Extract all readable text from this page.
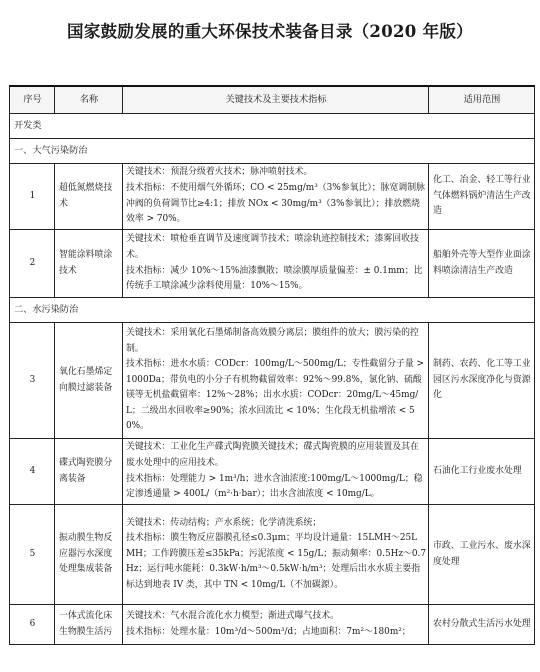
国家鼓励发展的重大环保技术装备目录（2020 年版）
序号	名称	关键技术及主要技术指标	适用范围
开发类			
一、大气污染防治			
1	超低氮燃烧技术	关键技术：预混分级着火技术；脉冲喷射技术。
技术指标：不使用烟气外循环；CO < 25mg/m³（3%参氧比）；脉宽调制脉冲阀的负荷调节比≥4:1；排放 NOx < 30mg/m³（3%参氧比）；排放燃烧效率 > 70%。	化工、冶金、轻工等行业气体燃料锅炉清洁生产改造
2	智能涂料喷涂技术	关键技术：喷枪垂直调节及速度调节技术；喷涂轨迹控制技术；漆雾回收技术。
技术指标：减少 10%～15%油漆飘散；喷涂膜厚质量偏差：± 0.1mm；比传统手工喷涂减少涂料使用量：10%～15%。	船舶外壳等大型作业面涂料喷涂清洁生产改造
二、水污染防治			
3	氧化石墨烯定向膜过滤装备	关键技术：采用氧化石墨烯制备高效膜分离层；膜组件的放大；膜污染的控制。
技术指标：进水水质：CODcr：100mg/L～500mg/L；专性截留分子量 > 1000Da；带负电的小分子有机物截留效率：92%～99.8%，氯化钠、硫酸镁等无机盐截留率：12%～28%；出水水质：CODcr：20mg/L～45mg/L；二级出水回收率≥90%；浓水回流比 < 10%；生化段无机盐增浓 < 50%。	制药、农药、化工等工业园区污水深度净化与资源化
4	碟式陶瓷膜分离装备	关键技术：工业化生产碟式陶瓷膜关键技术；碟式陶瓷膜的应用装置及其在废水处理中的应用技术。
技术指标：处理能力 > 1m³/h；进水含油浓度:100mg/L～1000mg/L；稳定渗透通量 > 400L/（m²·h·bar）；出水含油浓度 < 10mg/L。	石油化工行业废水处理
5	振动膜生物反应器污水深度处理集成装备	关键技术：传动结构；产水系统；化学清洗系统；
技术指标：膜生物反应器膜孔径≤0.3μm；平均设计通量：15LMH～25LMH；工作跨膜压差≤35kPa；污泥浓度 < 15g/L；振动频率：0.5Hz～0.7Hz；运行吨水能耗：0.3kW·h/m³～0.5kW·h/m³；处理后出水水质主要指标达到地表 IV 类，其中 TN < 10mg/L（不加碳源）。	市政、工业污水、废水深度处理
6	一体式流化床生物膜生活污	关键技术：气水混合流化水力模型；渐进式曝气技术。
技术指标：处理水量：10m³/d～500m³/d；占地面积：7m²～180m²；	农村分散式生活污水处理
